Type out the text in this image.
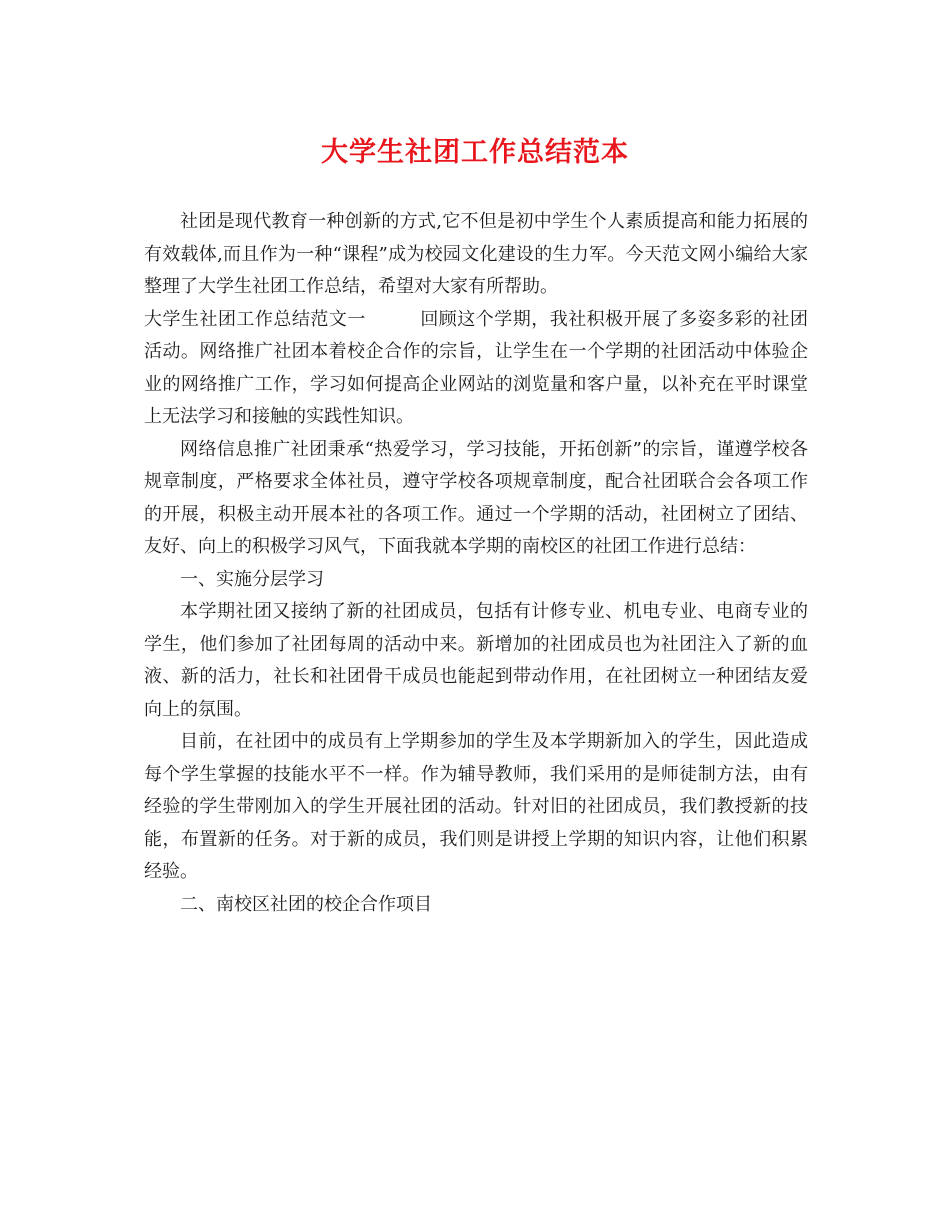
大学生社团工作总结范本

社团是现代教育一种创新的方式,它不但是初中学生个人素质提高和能力拓展的有效载体,而且作为一种“课程”成为校园文化建设的生力军。今天范文网小编给大家整理了大学生社团工作总结，希望对大家有所帮助。

大学生社团工作总结范文一	回顾这个学期，我社积极开展了多姿多彩的社团活动。网络推广社团本着校企合作的宗旨，让学生在一个学期的社团活动中体验企业的网络推广工作，学习如何提高企业网站的浏览量和客户量，以补充在平时课堂上无法学习和接触的实践性知识。

网络信息推广社团秉承“热爱学习，学习技能，开拓创新”的宗旨，谨遵学校各规章制度，严格要求全体社员，遵守学校各项规章制度，配合社团联合会各项工作的开展，积极主动开展本社的各项工作。通过一个学期的活动，社团树立了团结、友好、向上的积极学习风气，下面我就本学期的南校区的社团工作进行总结：

一、实施分层学习

本学期社团又接纳了新的社团成员，包括有计修专业、机电专业、电商专业的学生，他们参加了社团每周的活动中来。新增加的社团成员也为社团注入了新的血液、新的活力，社长和社团骨干成员也能起到带动作用，在社团树立一种团结友爱向上的氛围。

目前，在社团中的成员有上学期参加的学生及本学期新加入的学生，因此造成每个学生掌握的技能水平不一样。作为辅导教师，我们采用的是师徒制方法，由有经验的学生带刚加入的学生开展社团的活动。针对旧的社团成员，我们教授新的技能，布置新的任务。对于新的成员，我们则是讲授上学期的知识内容，让他们积累经验。

二、南校区社团的校企合作项目
